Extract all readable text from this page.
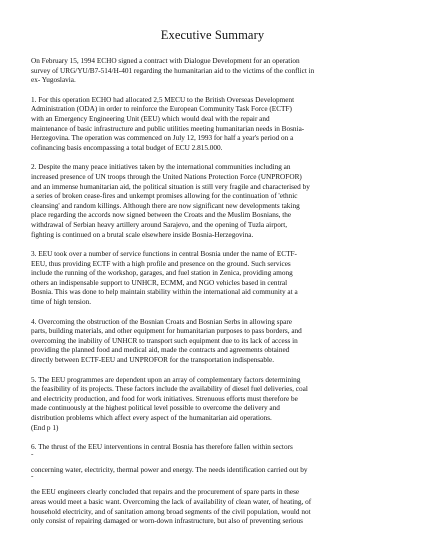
Executive Summary

On February 15, 1994 ECHO signed a contract with Dialogue Development for an operation
survey of URG/YU/B7-514/H-401 regarding the humanitarian aid to the victims of the conflict in
ex- Yugoslavia.

1. For this operation ECHO had allocated 2,5 MECU to the British Overseas Development
Administration (ODA) in order to reinforce the European Community Task Force (ECTF)
with an Emergency Engineering Unit (EEU) which would deal with the repair and
maintenance of basic infrastructure and public utilities meeting humanitarian needs in Bosnia-
Herzegovina. The operation was commenced on July 12, 1993 for half a year's period on a
cofinancing basis encompassing a total budget of ECU 2.815.000.

2. Despite the many peace initiatives taken by the international communities including an
increased presence of UN troops through the United Nations Protection Force (UNPROFOR)
and an immense humanitarian aid, the political situation is still very fragile and characterised by
a series of broken cease-fires and unkempt promises allowing for the continuation of 'ethnic
cleansing' and random killings. Although there are now significant new developments taking
place regarding the accords now signed between the Croats and the Muslim Bosnians, the
withdrawal of Serbian heavy artillery around Sarajevo, and the opening of Tuzla airport,
fighting is continued on a brutal scale elsewhere inside Bosnia-Herzegovina.

3. EEU took over a number of service functions in central Bosnia under the name of ECTF-
EEU, thus providing ECTF with a high profile and presence on the ground. Such services
include the running of the workshop, garages, and fuel station in Zenica, providing among
others an indispensable support to UNHCR, ECMM, and NGO vehicles based in central
Bosnia. This was done to help maintain stability within the international aid community at a
time of high tension.

4. Overcoming the obstruction of the Bosnian Croats and Bosnian Serbs in allowing spare
parts, building materials, and other equipment for humanitarian purposes to pass borders, and
overcoming the inability of UNHCR to transport such equipment due to its lack of access in
providing the planned food and medical aid, made the contracts and agreements obtained
directly between ECTF-EEU and UNPROFOR for the transportation indispensable.

5. The EEU programmes are dependent upon an array of complementary factors determining
the feasibility of its projects. These factors include the availability of diesel fuel deliveries, coal
and electricity production, and food for work initiatives. Strenuous efforts must therefore be
made continuously at the highest political level possible to overcome the delivery and
distribution problems which affect every aspect of the humanitarian aid operations.
(End p 1)

6. The thrust of the EEU interventions in central Bosnia has therefore fallen within sectors

˜

concerning water, electricity, thermal power and energy. The needs identification carried out by

˜

the EEU engineers clearly concluded that repairs and the procurement of spare parts in these
areas would meet a basic want. Overcoming the lack of availability of clean water, of heating, of
household electricity, and of sanitation among broad segments of the civil population, would not
only consist of repairing damaged or worn-down infrastructure, but also of preventing serious
